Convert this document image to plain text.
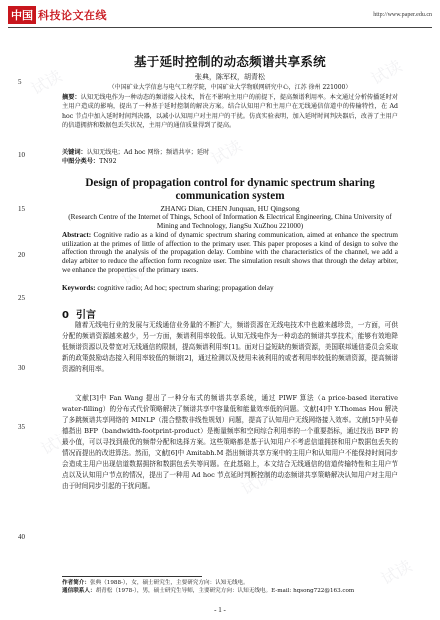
试读
试读
试读
试读
试读
试读
试读
试读
中国 科技论文在线	http://www.paper.edu.cn
5
10
15
20
25
30
35
40
基于延时控制的动态频谱共享系统
张典，陈军权，胡青松
（中国矿业大学信息与电气工程学院，中国矿业大学物联网研究中心，江苏 徐州 221000）
摘要：认知无线电作为一种动态的频谱接入技术，旨在不影响主用户的前提下，提高频谱利用率。本文通过分析传播延时对主用户造成的影响，提出了一种基于延时控制的解决方案。结合认知用户和主用户在无线通信信道中的传输特性，在 Ad hoc 节点中加入延时时间判决器，以减小认知用户对主用户的干扰。仿真实验表明，加入延时时间判决器后，改善了主用户的信道拥挤和数据包丢失状况，主用户的通信质量得到了提高。
关键词：认知无线电；Ad hoc 网络；频谱共享；延时
中图分类号：TN92
Design of propagation control for dynamic spectrum sharing communication system
ZHANG Dian, CHEN Junquan, HU Qingsong
(Research Centre of the Internet of Things, School of Information & Electrical Engineering, China University of Mining and Technology, JiangSu XuZhou 221000)
Abstract: Cognitive radio as a kind of dynamic spectrum sharing communication, aimed at enhance the spectrum utilization at the primes of little of affection to the primary user. This paper proposes a kind of design to solve the affection through the analysis of the propagation delay. Combine with the characteristics of the channel, we add a delay arbiter to reduce the affection form recognize user. The simulation result shows that through the delay arbiter, we enhance the properties of the primary users.
Keywords: cognitive radio; Ad hoc; spectrum sharing; propagation delay
0 引言
随着无线电行业的发展与无线通信业务量的不断扩大，频谱资源在无线电技术中也越来越珍贵，一方面，可供分配的频谱资源越来越少，另一方面，频谱利用率较低。认知无线电作为一种动态的频谱共享技术，能够有效地降低频谱资源以及带宽对无线通信的限制，提高频谱利用率[1]。面对日益短缺的频谱资源，美国联邦通信委员会采取新的政策鼓励动态接入利用率较低的频谱[2]，通过检测以及使用未被利用的或者利用率较低的频谱资源，提高频谱资源的利用率。
文献[3]中 Fan Wang 提出了一种分布式的频谱共享系统，通过 PIWF 算法（a price-based iterative water-filling）的分布式代价策略解决了频谱共享中容量低和能量效率低的问题。文献[4]中 Y.Thomas Hou 解决了多跳频谱共享网络的 MINLP（混合整数非线性规划）问题，提高了认知用户无线网络接入效率。文献[5]中吴春德指出 BFP（bandwidth-footprint-product）是衡量频率和空间综合利用率的一个重要指标，通过找出 BFP 的最小值，可以寻找到最优的频带分配和选择方案。这些策略都是基于认知用户不考虑信道拥挤和用户数据包丢失的情况而提出的改进算法。然而，文献[6]中 Amitabh.M 指出频谱共享方案中的主用户和认知用户不能保持时间同步会造成主用户出现信道数据拥挤和数据包丢失等问题。在此基础上，本文结合无线通信的信道传输特性和主用户节点以及认知用户节点的情况，提出了一种用 Ad hoc 节点延时判断控制的动态频谱共享策略解决认知用户对主用户由于时间同步引起的干扰问题。
作者简介：张典（1988-），女，硕士研究生，主要研究方向：认知无线电。
通信联系人：胡青松（1978-），男，硕士研究生导师，主要研究方向：认知无线电。E-mail: hqsong722@163.com
- 1 -
